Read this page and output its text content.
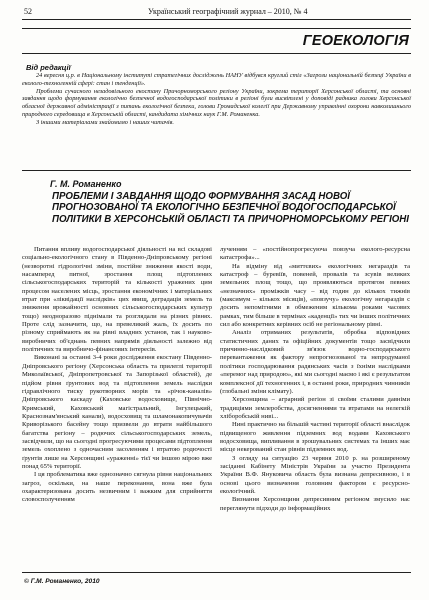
52	Український географічний журнал – 2010, № 4
ГЕОЕКОЛОГІЯ
Від редакції

24 вересня ц.р. в Національному інституті стратегічних досліджень НАНУ відбувся круглий стіл «Загрози національній безпеці України в еколого-техногенній сфері: стан і тенденції».

Проблеми сучасного незадовільного екостану Причорноморського регіону України, зокрема території Херсонської області, та основні завдання щодо формування екологічно безпечної водогосподарської політики в регіоні були висвітлені у доповіді радника голови Херсонської обласної державної адміністрації з питань екологічної безпеки, голови Громадської колегії при Державному управлінні охорони навколишнього природного середовища в Херсонській області, кандидата хімічних наук Г.М. Романенка.

З іншими матеріалами знайомимо і наших читачів.

Г. М. Романенко
ПРОБЛЕМИ І ЗАВДАННЯ ЩОДО ФОРМУВАННЯ ЗАСАД НОВОЇ ПРОГНОЗОВАНОЇ ТА ЕКОЛОГІЧНО БЕЗПЕЧНОЇ ВОДОГОСПОДАРСЬКОЇ ПОЛІТИКИ В ХЕРСОНСЬКІЙ ОБЛАСТІ ТА ПРИЧОРНОМОРСЬКОМУ РЕГІОНІ

Питання впливу водогосподарської діяльності на всі складові соціально-екологічного стану в Південно-Дніпровському регіоні (незворотні гідрологічні зміни, постійне зниження якості води, насамперед питної, зростання площ підтоплених сільськогосподарських територій та кількості уражених цим процесом населених місць, зростання економічних і матеріальних втрат при «ліквідації наслідків» цих явищ, деградація земель та зниження врожайності основних сільськогосподарських культур тощо) неодноразово піднімали та розглядали на різних рівнях. Проте слід зазначити, що, на превеликий жаль, їх досить по різному сприймають як на рівні владних установ, так і науково-виробничих об'єднань певних напрямів діяльності залежно від політичних та виробничо-фінансових інтересів.

Виконані за останні 3-4 роки дослідження екостану Південно-Дніпровського регіону (Херсонська область та прилеглі території Миколаївської, Дніпропетровської та Запорізької областей), де підйом рівня ґрунтових вод та підтоплення земель наслідки гідравлічного тиску рукотворних морів та «річок-каналів» Дніпровського каскаду (Каховське водосховище, Північно-Кримський, Каховський магістральний, Інгулецький, Краснознам'янський канали), водосховищ та шламонакопичувачів Криворізького басейну тощо призвели до втрати найбільшого багатства регіону – родючих сільськогосподарських земель, засвідчили, що на сьогодні прогресуючими процесами підтоплення земель охоплено з одночасним засоленням і втратою родючості ґрунтів лише на Херсонщині «ураженні» тієї чи іншою мірою вже понад 65% території.

І ця проблематика вже однозначно сягнула рівня національних загроз, оскільки, на наше переконання, вона вже була охарактеризована досить незвичним і важким для сприйняття словосполученням

лученням – «постійнопрогресуюча повзуча еколого-ресурсна катастрофа»...

На відміну від «миттєвих» екологічних негараздів та катастроф – буревіїв, повеней, провалів та зсувів великих земельних площ тощо, що проявляються протягом певних «незначних» проміжків часу – від годин до кількох тижнів (максимум – кількох місяців), «повзучу» екологічну негараздів с досить непомітними в обмеженим кількома роками часових рамках, тим більше в термінах «каденції» тих чи інших політичних сил або конкретних керівних осіб не регіональному рівні.

Аналіз отриманих результатів, обробка відповідних статистичних даних та офіційних документів тощо засвідчили причинно-наслідковий зв'язок водно-господарського перевантаження як фактору непрогнозованої та непродуманої політики господарювання радянських часів з їхніми наслідками «перемог над природою», які ми сьогодні маємо і які є результатом комплексної дії техногенних і, в останні роки, природних чинників (глобальні зміни клімату).

Херсонщина – аграрний регіон зі своїми сталими давніми традиціями землеробства, досягненнями та втратами на нелегкій хліборобській ниві...

Нині практично на більшій частині території області внаслідок підвищеного живлення підземних вод водами Каховського водосховища, випливання в зрошувальних системах та інших має місце некерований стан рівнів підземних вод.

З огляду на ситуацію 23 червня 2010 р. на розширеному засіданні Кабінету Міністрів України за участю Президента України В.Ф. Януковича область була визнана депресивною, і в основі цього визначення головним фактором є ресурсно-екологічний.

Визнання Херсонщини депресивним регіоном змусило нас переглянути підходи до інформаційних

© Г.М. Романенко, 2010
